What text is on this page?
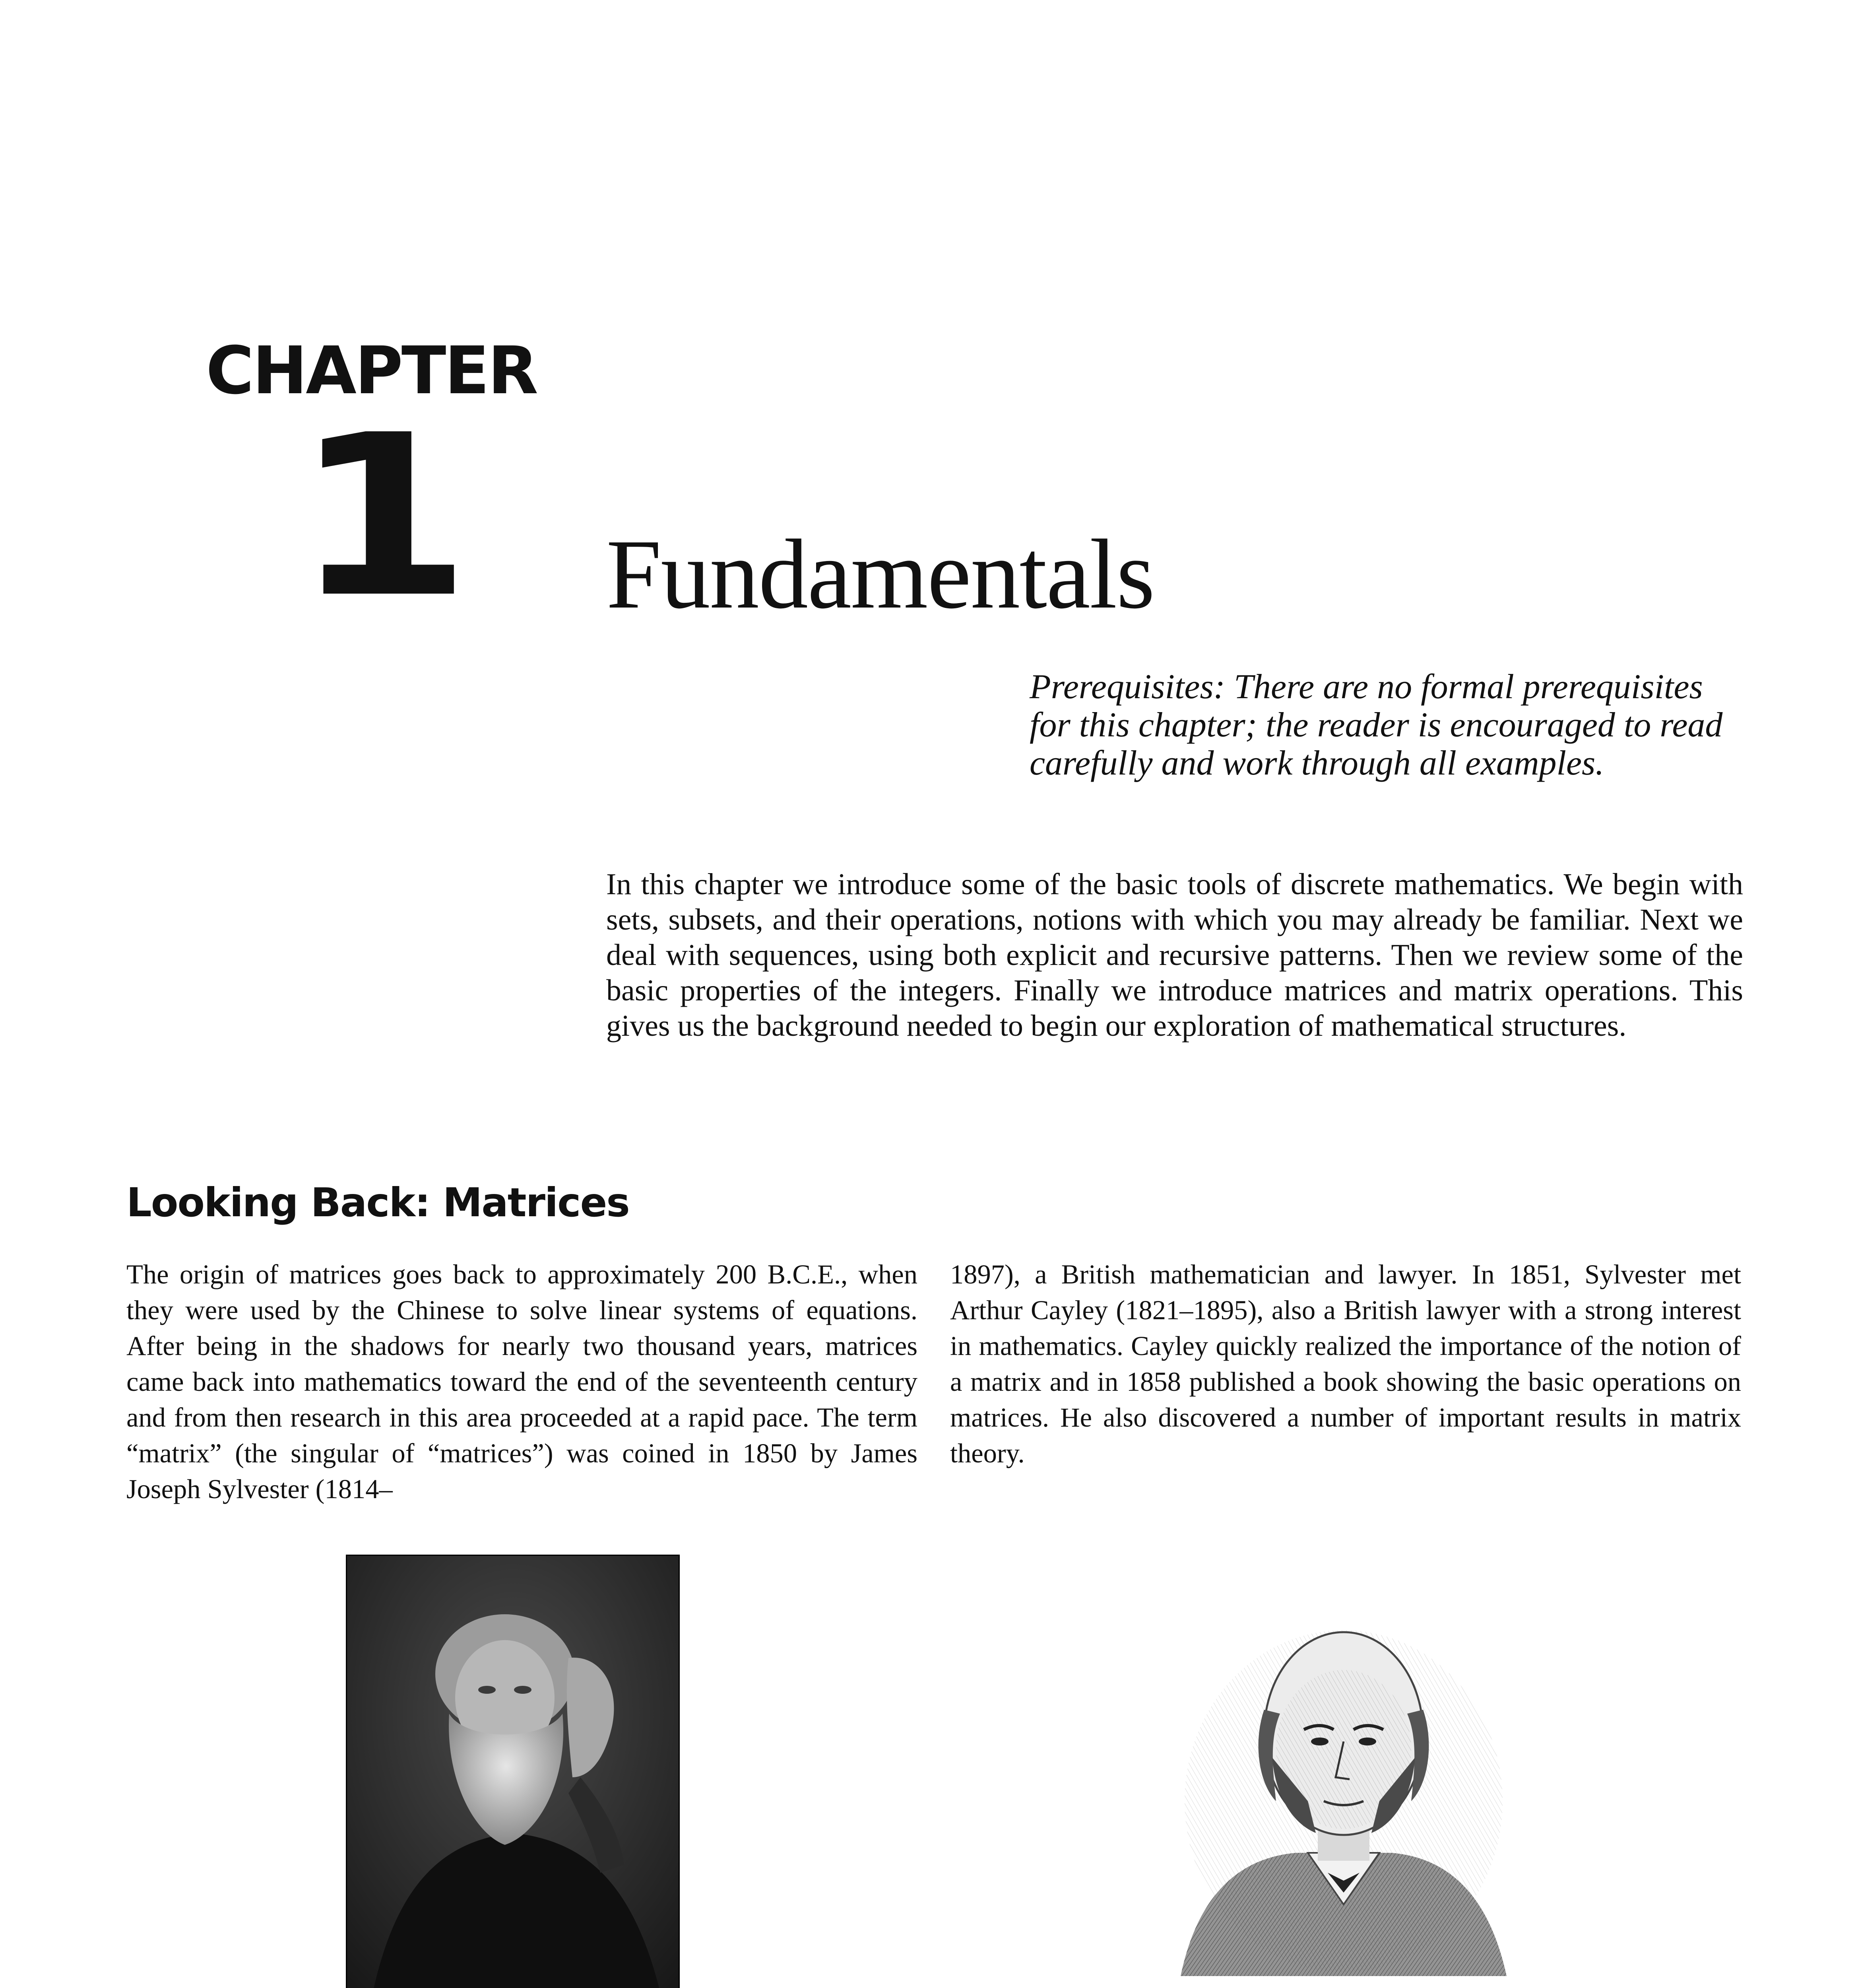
CHAPTER
1 Fundamentals
Prerequisites: There are no formal prerequisites for this chapter; the reader is encouraged to read carefully and work through all examples.
In this chapter we introduce some of the basic tools of discrete mathematics. We begin with sets, subsets, and their operations, notions with which you may already be familiar. Next we deal with sequences, using both explicit and recursive patterns. Then we review some of the basic properties of the integers. Finally we introduce matrices and matrix operations. This gives us the background needed to begin our exploration of mathematical structures.
Looking Back: Matrices
The origin of matrices goes back to approximately 200 B.C.E., when they were used by the Chinese to solve linear systems of equations. After being in the shadows for nearly two thousand years, matrices came back into mathematics toward the end of the seventeenth century and from then research in this area proceeded at a rapid pace. The term “matrix” (the singular of “matrices”) was coined in 1850 by James Joseph Sylvester (1814–
1897), a British mathematician and lawyer. In 1851, Sylvester met Arthur Cayley (1821–1895), also a British lawyer with a strong interest in mathematics. Cayley quickly realized the importance of the notion of a matrix and in 1858 published a book showing the basic operations on matrices. He also discovered a number of important results in matrix theory.
